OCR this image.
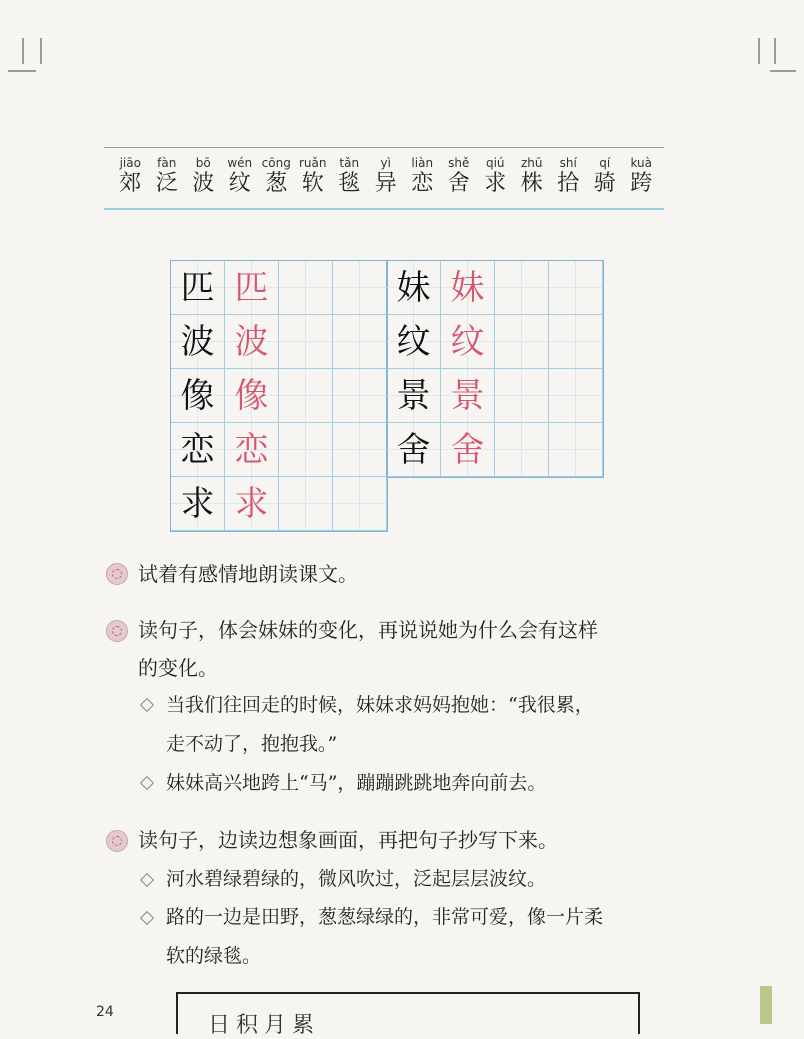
jiāo
郊
fàn
泛
bō
波
wén
纹
cōng
葱
ruǎn
软
tǎn
毯
yì
异
liàn
恋
shě
舍
qiú
求
zhū
株
shí
拾
qí
骑
kuà
跨
匹 匹
波 波
像 像
恋 恋
求 求
妹 妹
纹 纹
景 景
舍 舍
试着有感情地朗读课文。
读句子，体会妹妹的变化，再说说她为什么会有这样
的变化。
当我们往回走的时候，妹妹求妈妈抱她：“我很累，
走不动了，抱抱我。”
妹妹高兴地跨上“马”，蹦蹦跳跳地奔向前去。
读句子，边读边想象画面，再把句子抄写下来。
河水碧绿碧绿的，微风吹过，泛起层层波纹。
路的一边是田野，葱葱绿绿的，非常可爱，像一片柔
软的绿毯。
24
日积月累
